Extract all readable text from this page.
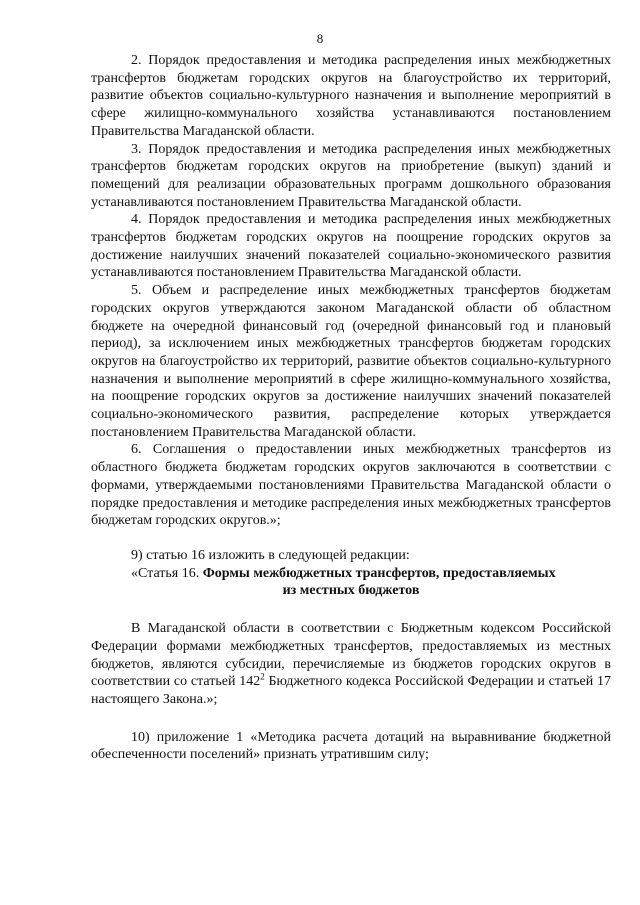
8

2. Порядок предоставления и методика распределения иных межбюджетных трансфертов бюджетам городских округов на благоустройство их территорий, развитие объектов социально-культурного назначения и выполнение мероприятий в сфере жилищно-коммунального хозяйства устанавливаются постановлением Правительства Магаданской области.

3. Порядок предоставления и методика распределения иных межбюджетных трансфертов бюджетам городских округов на приобретение (выкуп) зданий и помещений для реализации образовательных программ дошкольного образования устанавливаются постановлением Правительства Магаданской области.

4. Порядок предоставления и методика распределения иных межбюджетных трансфертов бюджетам городских округов на поощрение городских округов за достижение наилучших значений показателей социально-экономического развития устанавливаются постановлением Правительства Магаданской области.

5. Объем и распределение иных межбюджетных трансфертов бюджетам городских округов утверждаются законом Магаданской области об областном бюджете на очередной финансовый год (очередной финансовый год и плановый период), за исключением иных межбюджетных трансфертов бюджетам городских округов на благоустройство их территорий, развитие объектов социально-культурного назначения и выполнение мероприятий в сфере жилищно-коммунального хозяйства, на поощрение городских округов за достижение наилучших значений показателей социально-экономического развития, распределение которых утверждается постановлением Правительства Магаданской области.

6. Соглашения о предоставлении иных межбюджетных трансфертов из областного бюджета бюджетам городских округов заключаются в соответствии с формами, утверждаемыми постановлениями Правительства Магаданской области о порядке предоставления и методике распределения иных межбюджетных трансфертов бюджетам городских округов.»;

9) статью 16 изложить в следующей редакции:

«Статья 16. Формы межбюджетных трансфертов, предоставляемых
из местных бюджетов

В Магаданской области в соответствии с Бюджетным кодексом Российской Федерации формами межбюджетных трансфертов, предоставляемых из местных бюджетов, являются субсидии, перечисляемые из бюджетов городских округов в соответствии со статьей $142^2$ Бюджетного кодекса Российской Федерации и статьей 17 настоящего Закона.»;

10) приложение 1 «Методика расчета дотаций на выравнивание бюджетной обеспеченности поселений» признать утратившим силу;
